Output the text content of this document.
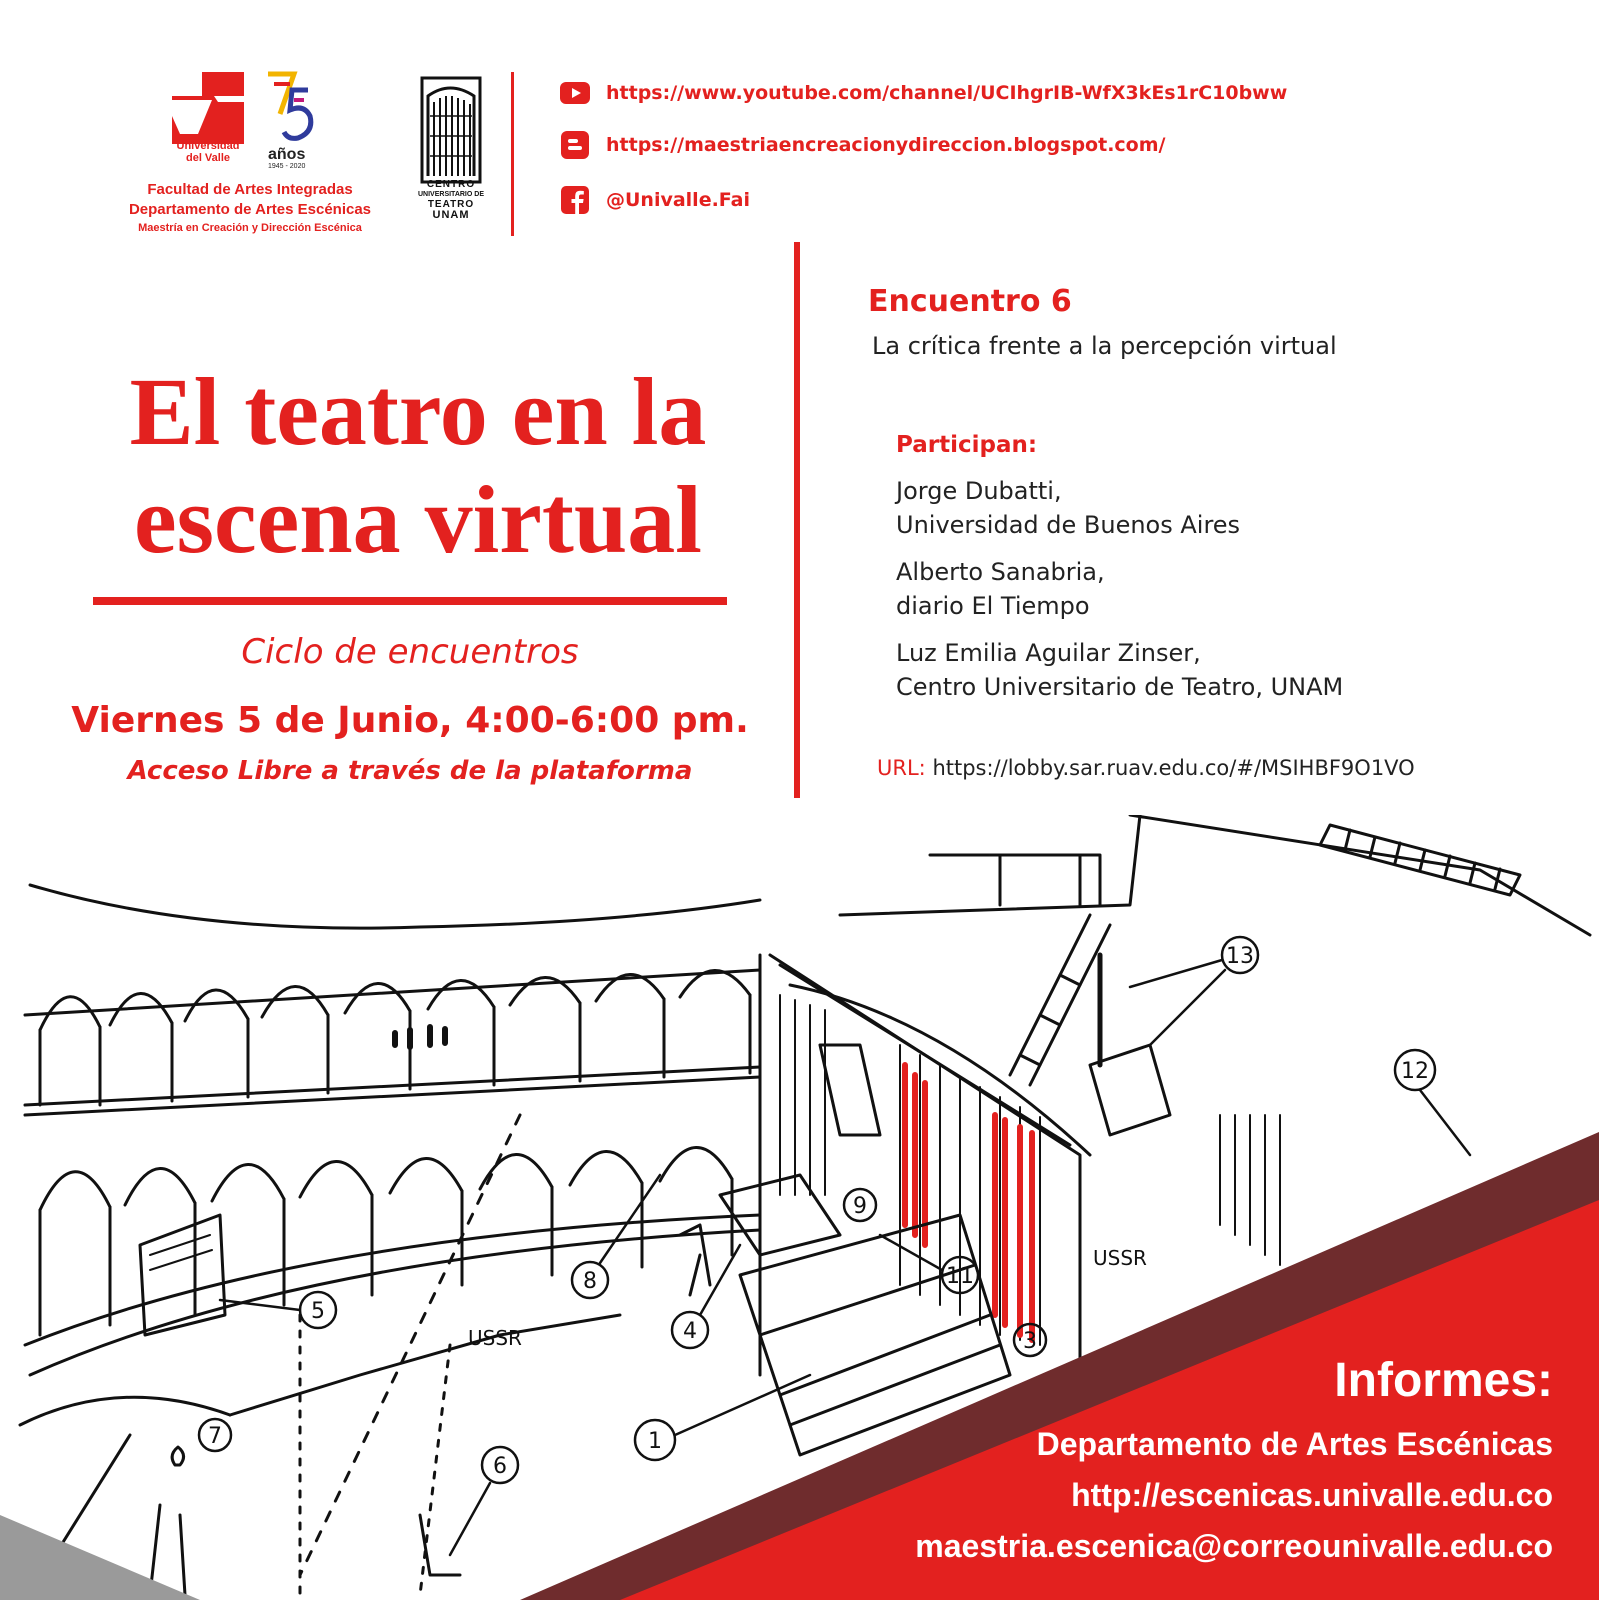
Universidad
del Valle	años
1945 - 2020
Facultad de Artes Integradas
Departamento de Artes Escénicas
Maestría en Creación y Dirección Escénica
CENTRO
UNIVERSITARIO DE
TEATRO
UNAM
https://www.youtube.com/channel/UCIhgrIB-WfX3kEs1rC10bww
https://maestriaencreacionydireccion.blogspot.com/
@Univalle.Fai
El teatro en la
escena virtual
Ciclo de encuentros
Viernes 5 de Junio, 4:00-6:00 pm.
Acceso Libre a través de la plataforma
Encuentro 6
La crítica frente a la percepción virtual
Participan:
Jorge Dubatti,
Universidad de Buenos Aires
Alberto Sanabria,
diario El Tiempo
Luz Emilia Aguilar Zinser,
Centro Universitario de Teatro, UNAM
URL: https://lobby.sar.ruav.edu.co/#/MSIHBF9O1VO
13
12
11
9
8
4
5
3
1
6
7
USSR
USSR
Informes:
Departamento de Artes Escénicas
http://escenicas.univalle.edu.co
maestria.escenica@correounivalle.edu.co
